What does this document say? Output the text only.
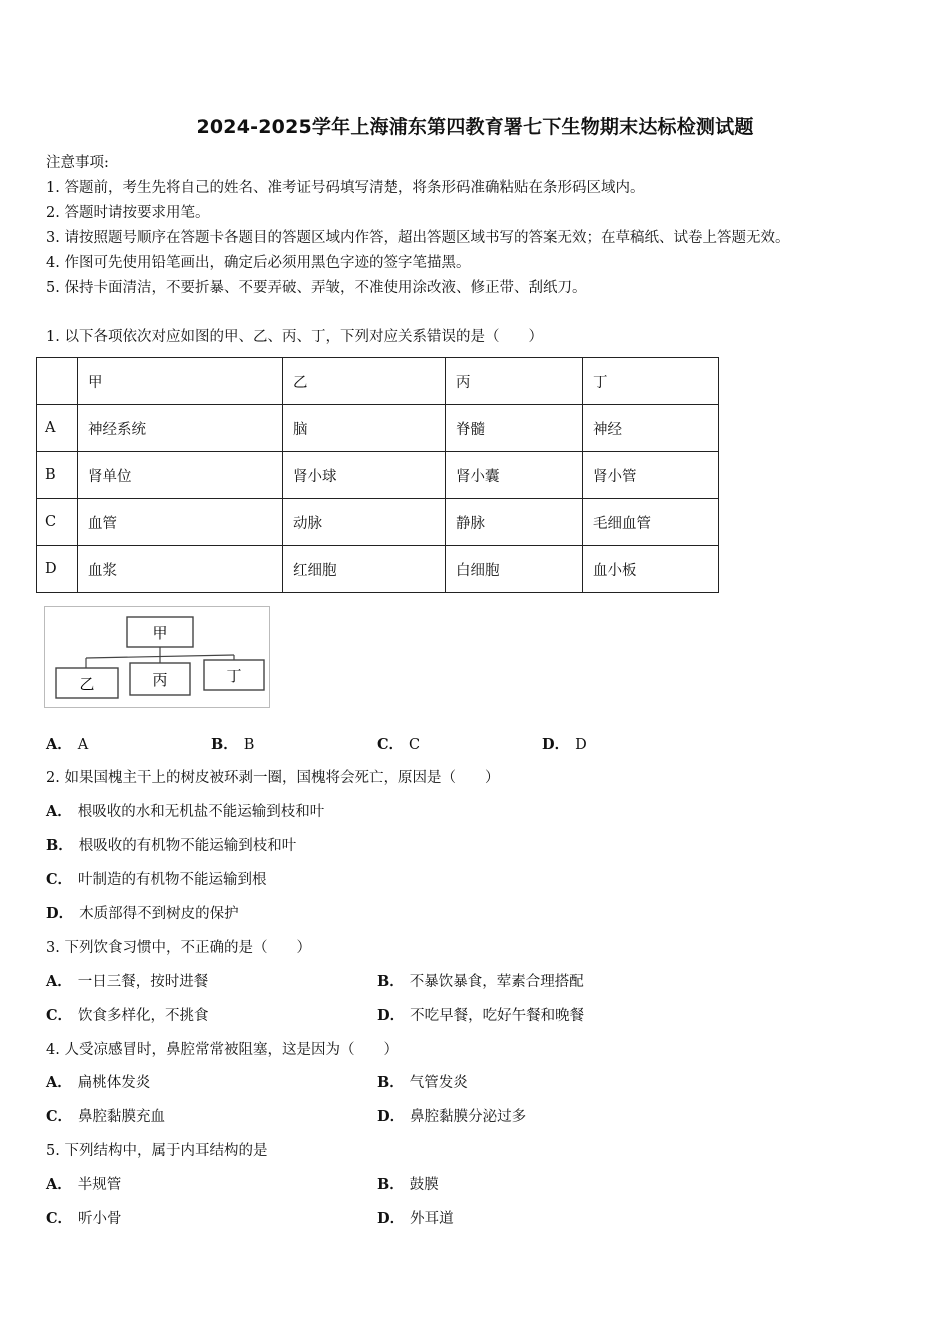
2024-2025学年上海浦东第四教育署七下生物期末达标检测试题
注意事项:
1. 答题前，考生先将自己的姓名、准考证号码填写清楚，将条形码准确粘贴在条形码区域内。
2. 答题时请按要求用笔。
3. 请按照题号顺序在答题卡各题目的答题区域内作答，超出答题区域书写的答案无效；在草稿纸、试卷上答题无效。
4. 作图可先使用铅笔画出，确定后必须用黑色字迹的签字笔描黑。
5. 保持卡面清洁，不要折暴、不要弄破、弄皱，不准使用涂改液、修正带、刮纸刀。
1. 以下各项依次对应如图的甲、乙、丙、丁，下列对应关系错误的是（　　）
	甲	乙	丙	丁
A	神经系统	脑	脊髓	神经
B	肾单位	肾小球	肾小囊	肾小管
C	血管	动脉	静脉	毛细血管
D	血浆	红细胞	白细胞	血小板
甲
乙	丙	丁
A． A	B． B	C． C	D． D
2. 如果国槐主干上的树皮被环剥一圈，国槐将会死亡，原因是（　　）
A． 根吸收的水和无机盐不能运输到枝和叶
B． 根吸收的有机物不能运输到枝和叶
C． 叶制造的有机物不能运输到根
D． 木质部得不到树皮的保护
3. 下列饮食习惯中，不正确的是（　　）
A． 一日三餐，按时进餐	B． 不暴饮暴食，荤素合理搭配
C． 饮食多样化，不挑食	D． 不吃早餐，吃好午餐和晚餐
4. 人受凉感冒时，鼻腔常常被阻塞，这是因为（　　）
A． 扁桃体发炎	B． 气管发炎
C． 鼻腔黏膜充血	D． 鼻腔黏膜分泌过多
5. 下列结构中，属于内耳结构的是
A． 半规管	B． 鼓膜
C． 听小骨	D． 外耳道
